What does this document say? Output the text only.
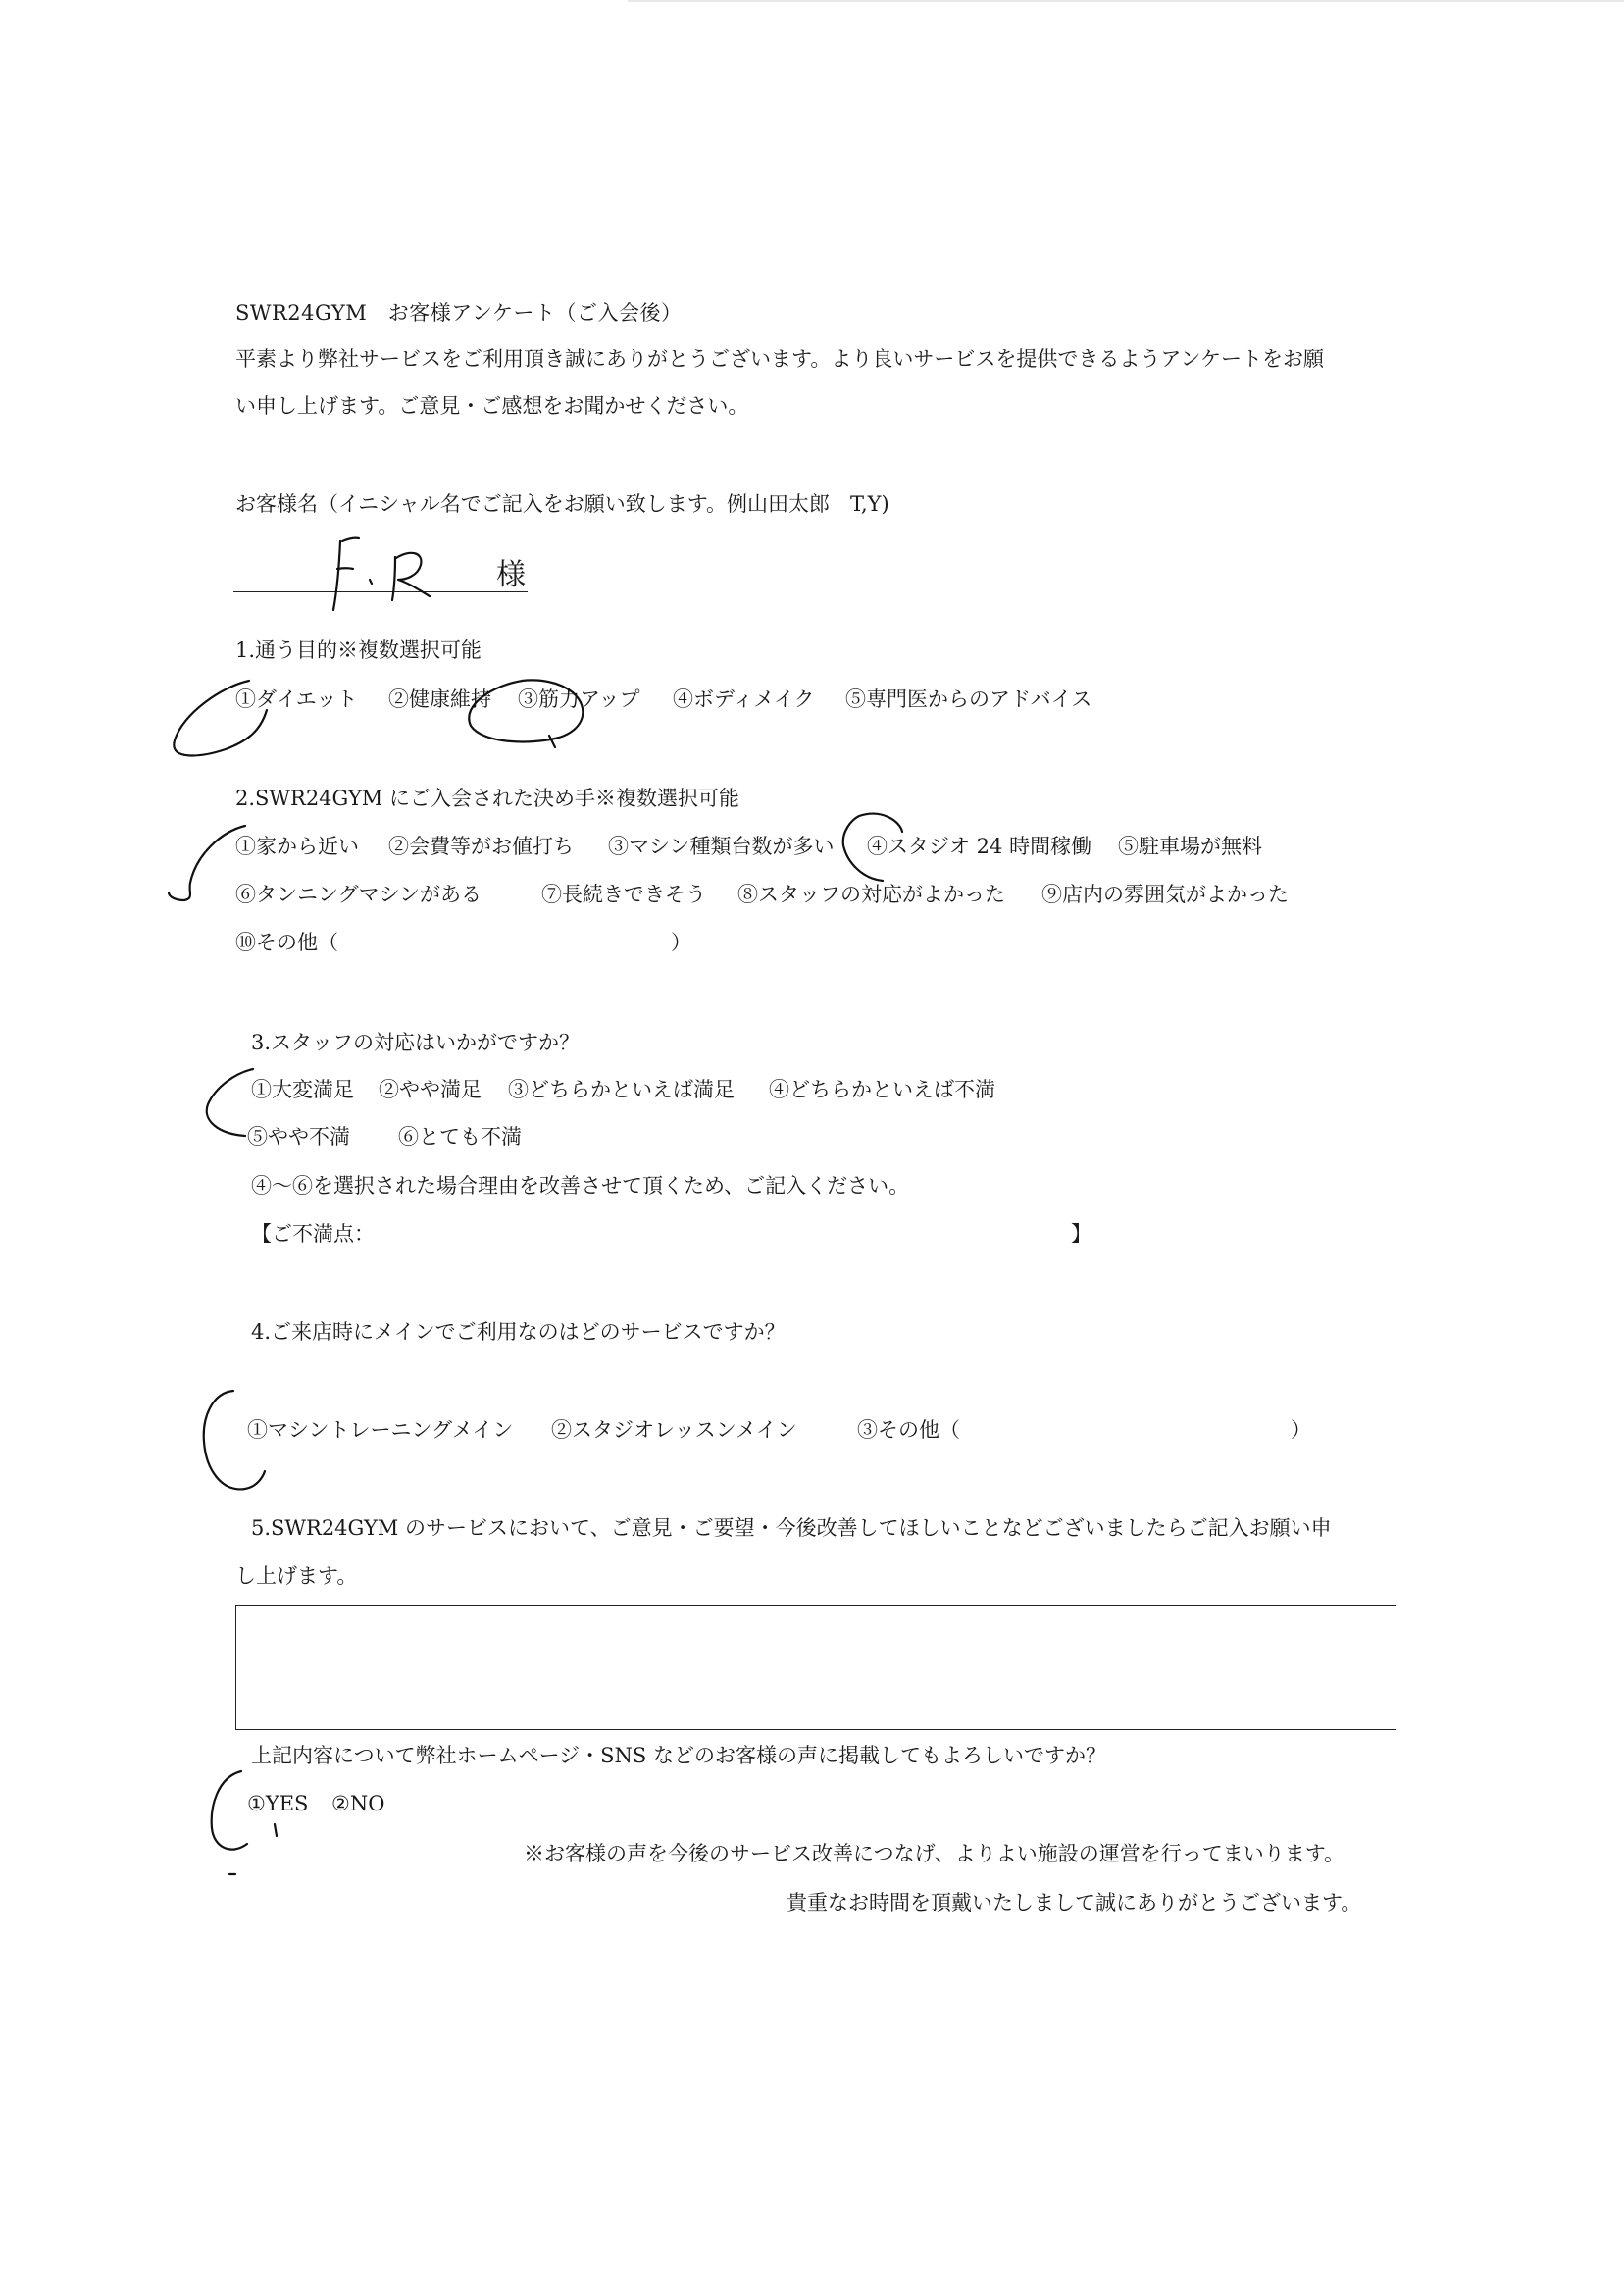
SWR24GYM　お客様アンケート（ご入会後）
平素より弊社サービスをご利用頂き誠にありがとうございます。より良いサービスを提供できるようアンケートをお願
い申し上げます。ご意見・ご感想をお聞かせください。
お客様名（イニシャル名でご記入をお願い致します。例山田太郎　T,Y)
様
1.通う目的※複数選択可能
①ダイエット ②健康維持 ③筋力アップ ④ボディメイク ⑤専門医からのアドバイス
2.SWR24GYM にご入会された決め手※複数選択可能
①家から近い ②会費等がお値打ち ③マシン種類台数が多い ④スタジオ 24 時間稼働 ⑤駐車場が無料
⑥タンニングマシンがある	⑦長続きできそう ⑧スタッフの対応がよかった ⑨店内の雰囲気がよかった
⑩その他（	）
3.スタッフの対応はいかがですか？
①大変満足 ②やや満足 ③どちらかといえば満足 ④どちらかといえば不満
⑤やや不満 ⑥とても不満
④～⑥を選択された場合理由を改善させて頂くため、ご記入ください。
【ご不満点：	】
4.ご来店時にメインでご利用なのはどのサービスですか？
①マシントレーニングメイン ②スタジオレッスンメイン	③その他（	）
5.SWR24GYM のサービスにおいて、ご意見・ご要望・今後改善してほしいことなどございましたらご記入お願い申
し上げます。
上記内容について弊社ホームページ・SNS などのお客様の声に掲載してもよろしいですか？
①YES ②NO
※お客様の声を今後のサービス改善につなげ、よりよい施設の運営を行ってまいります。
貴重なお時間を頂戴いたしまして誠にありがとうございます。
